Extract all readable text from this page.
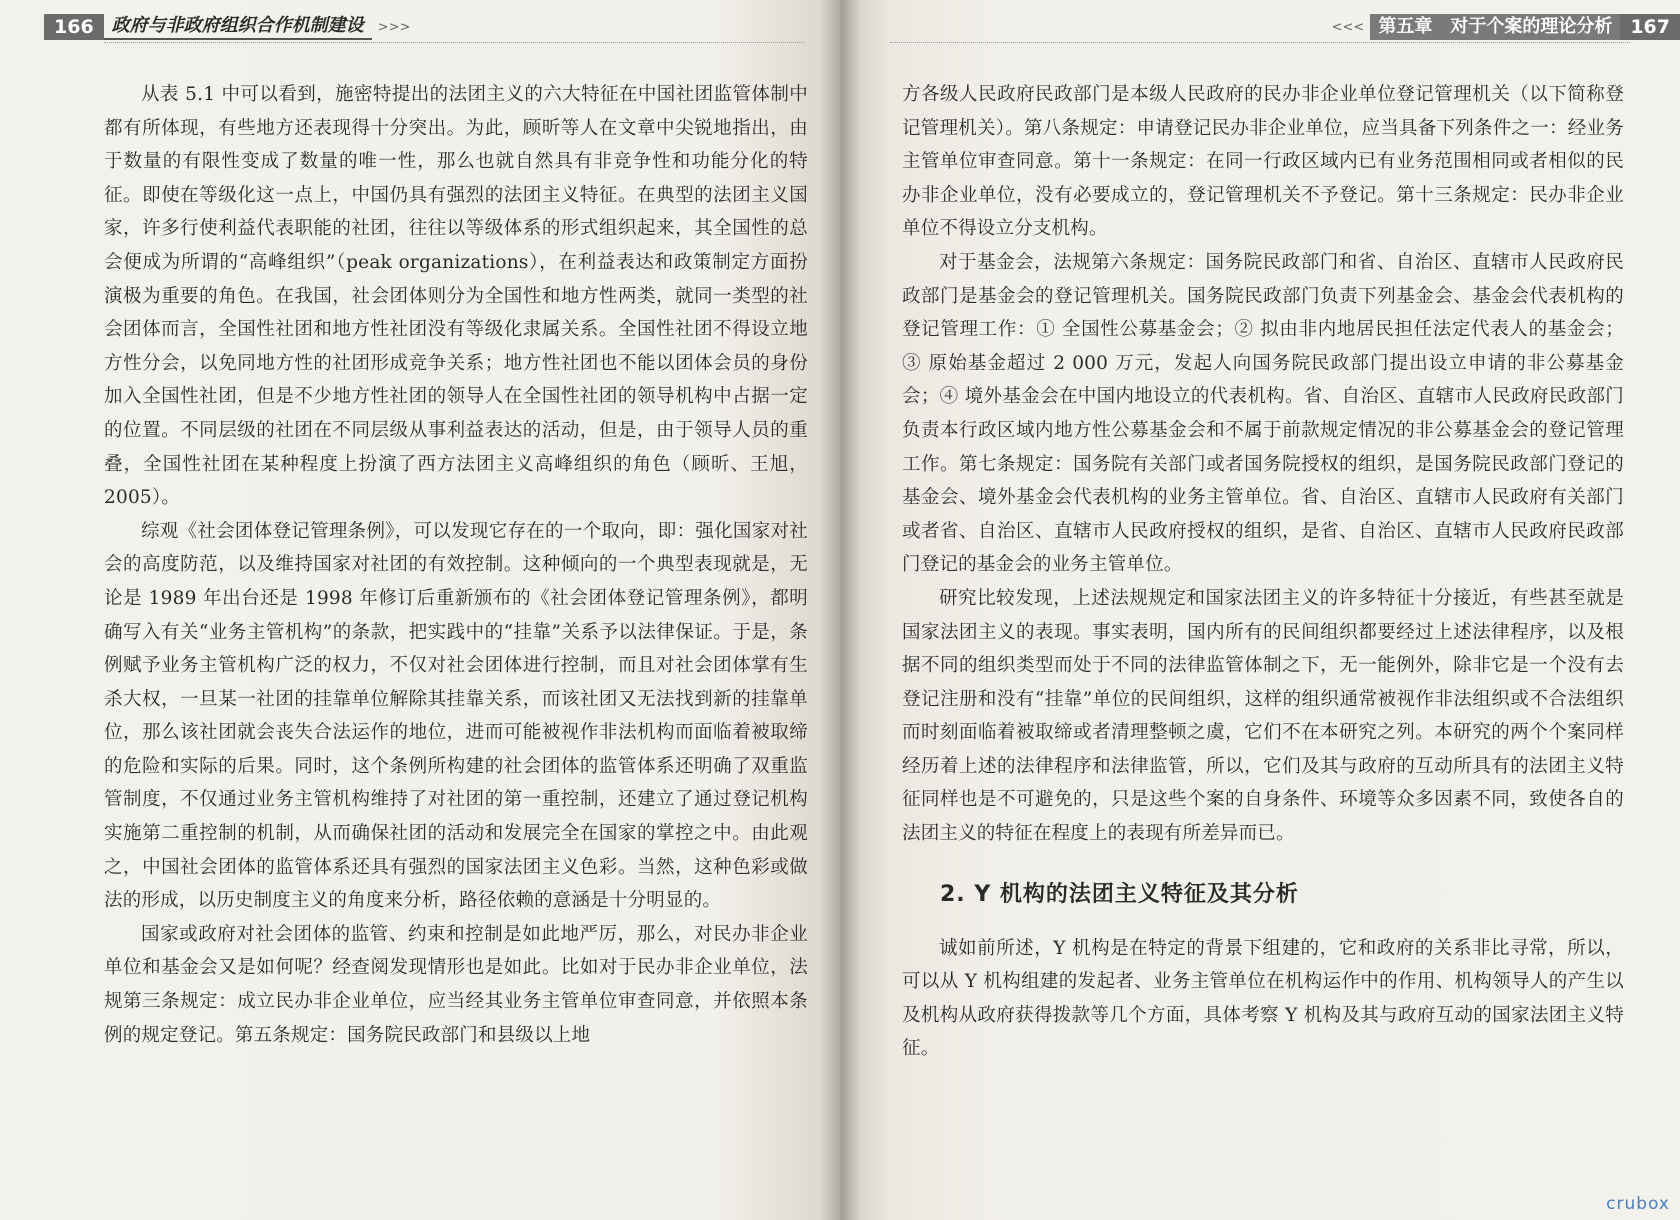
166	政府与非政府组织合作机制建设	>>>

从表 5.1 中可以看到，施密特提出的法团主义的六大特征在中国社团监管体制中都有所体现，有些地方还表现得十分突出。为此，顾昕等人在文章中尖锐地指出，由于数量的有限性变成了数量的唯一性，那么也就自然具有非竞争性和功能分化的特征。即使在等级化这一点上，中国仍具有强烈的法团主义特征。在典型的法团主义国家，许多行使利益代表职能的社团，往往以等级体系的形式组织起来，其全国性的总会便成为所谓的“高峰组织”（peak organizations），在利益表达和政策制定方面扮演极为重要的角色。在我国，社会团体则分为全国性和地方性两类，就同一类型的社会团体而言，全国性社团和地方性社团没有等级化隶属关系。全国性社团不得设立地方性分会，以免同地方性的社团形成竞争关系；地方性社团也不能以团体会员的身份加入全国性社团，但是不少地方性社团的领导人在全国性社团的领导机构中占据一定的位置。不同层级的社团在不同层级从事利益表达的活动，但是，由于领导人员的重叠，全国性社团在某种程度上扮演了西方法团主义高峰组织的角色（顾昕、王旭，2005）。

综观《社会团体登记管理条例》，可以发现它存在的一个取向，即：强化国家对社会的高度防范，以及维持国家对社团的有效控制。这种倾向的一个典型表现就是，无论是 1989 年出台还是 1998 年修订后重新颁布的《社会团体登记管理条例》，都明确写入有关“业务主管机构”的条款，把实践中的“挂靠”关系予以法律保证。于是，条例赋予业务主管机构广泛的权力，不仅对社会团体进行控制，而且对社会团体掌有生杀大权，一旦某一社团的挂靠单位解除其挂靠关系，而该社团又无法找到新的挂靠单位，那么该社团就会丧失合法运作的地位，进而可能被视作非法机构而面临着被取缔的危险和实际的后果。同时，这个条例所构建的社会团体的监管体系还明确了双重监管制度，不仅通过业务主管机构维持了对社团的第一重控制，还建立了通过登记机构实施第二重控制的机制，从而确保社团的活动和发展完全在国家的掌控之中。由此观之，中国社会团体的监管体系还具有强烈的国家法团主义色彩。当然，这种色彩或做法的形成，以历史制度主义的角度来分析，路径依赖的意涵是十分明显的。

国家或政府对社会团体的监管、约束和控制是如此地严厉，那么，对民办非企业单位和基金会又是如何呢？经查阅发现情形也是如此。比如对于民办非企业单位，法规第三条规定：成立民办非企业单位，应当经其业务主管单位审查同意，并依照本条例的规定登记。第五条规定：国务院民政部门和县级以上地

<<< 第五章　对于个案的理论分析 167

方各级人民政府民政部门是本级人民政府的民办非企业单位登记管理机关（以下简称登记管理机关）。第八条规定：申请登记民办非企业单位，应当具备下列条件之一：经业务主管单位审查同意。第十一条规定：在同一行政区域内已有业务范围相同或者相似的民办非企业单位，没有必要成立的，登记管理机关不予登记。第十三条规定：民办非企业单位不得设立分支机构。

对于基金会，法规第六条规定：国务院民政部门和省、自治区、直辖市人民政府民政部门是基金会的登记管理机关。国务院民政部门负责下列基金会、基金会代表机构的登记管理工作：① 全国性公募基金会；② 拟由非内地居民担任法定代表人的基金会；③ 原始基金超过 2 000 万元，发起人向国务院民政部门提出设立申请的非公募基金会；④ 境外基金会在中国内地设立的代表机构。省、自治区、直辖市人民政府民政部门负责本行政区域内地方性公募基金会和不属于前款规定情况的非公募基金会的登记管理工作。第七条规定：国务院有关部门或者国务院授权的组织，是国务院民政部门登记的基金会、境外基金会代表机构的业务主管单位。省、自治区、直辖市人民政府有关部门或者省、自治区、直辖市人民政府授权的组织，是省、自治区、直辖市人民政府民政部门登记的基金会的业务主管单位。

研究比较发现，上述法规规定和国家法团主义的许多特征十分接近，有些甚至就是国家法团主义的表现。事实表明，国内所有的民间组织都要经过上述法律程序，以及根据不同的组织类型而处于不同的法律监管体制之下，无一能例外，除非它是一个没有去登记注册和没有“挂靠”单位的民间组织，这样的组织通常被视作非法组织或不合法组织而时刻面临着被取缔或者清理整顿之虞，它们不在本研究之列。本研究的两个个案同样经历着上述的法律程序和法律监管，所以，它们及其与政府的互动所具有的法团主义特征同样也是不可避免的，只是这些个案的自身条件、环境等众多因素不同，致使各自的法团主义的特征在程度上的表现有所差异而已。

2. Y 机构的法团主义特征及其分析

诚如前所述，Y 机构是在特定的背景下组建的，它和政府的关系非比寻常，所以，可以从 Y 机构组建的发起者、业务主管单位在机构运作中的作用、机构领导人的产生以及机构从政府获得拨款等几个方面，具体考察 Y 机构及其与政府互动的国家法团主义特征。

crubox
